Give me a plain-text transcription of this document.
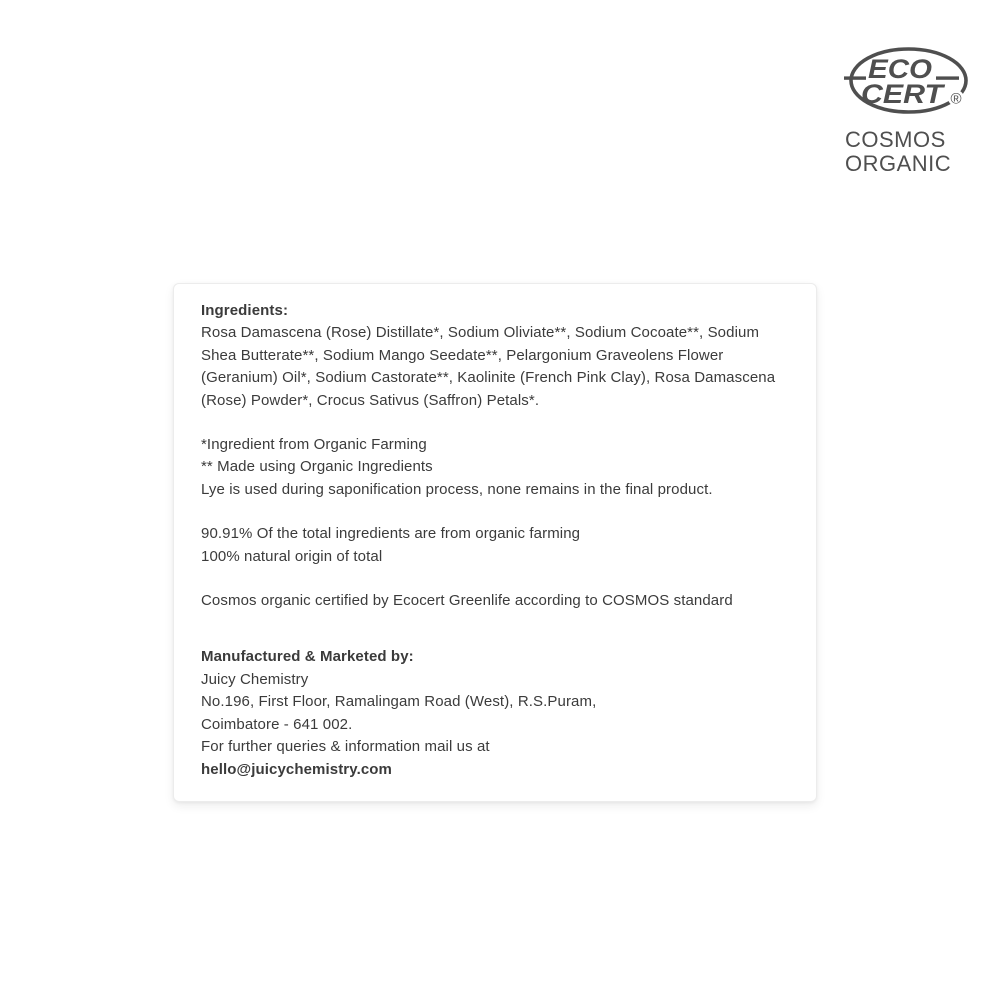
ECO
CERT ®
COSMOS
ORGANIC
Ingredients:
Rosa Damascena (Rose) Distillate*, Sodium Oliviate**, Sodium Cocoate**, Sodium Shea Butterate**, Sodium Mango Seedate**, Pelargonium Graveolens Flower (Geranium) Oil*, Sodium Castorate**, Kaolinite (French Pink Clay), Rosa Damascena (Rose) Powder*, Crocus Sativus (Saffron) Petals*.
*Ingredient from Organic Farming
** Made using Organic Ingredients
Lye is used during saponification process, none remains in the final product.
90.91% Of the total ingredients are from organic farming
100% natural origin of total
Cosmos organic certified by Ecocert Greenlife according to COSMOS standard
Manufactured & Marketed by:
Juicy Chemistry
No.196, First Floor, Ramalingam Road (West), R.S.Puram,
Coimbatore - 641 002.
For further queries & information mail us at
hello@juicychemistry.com
